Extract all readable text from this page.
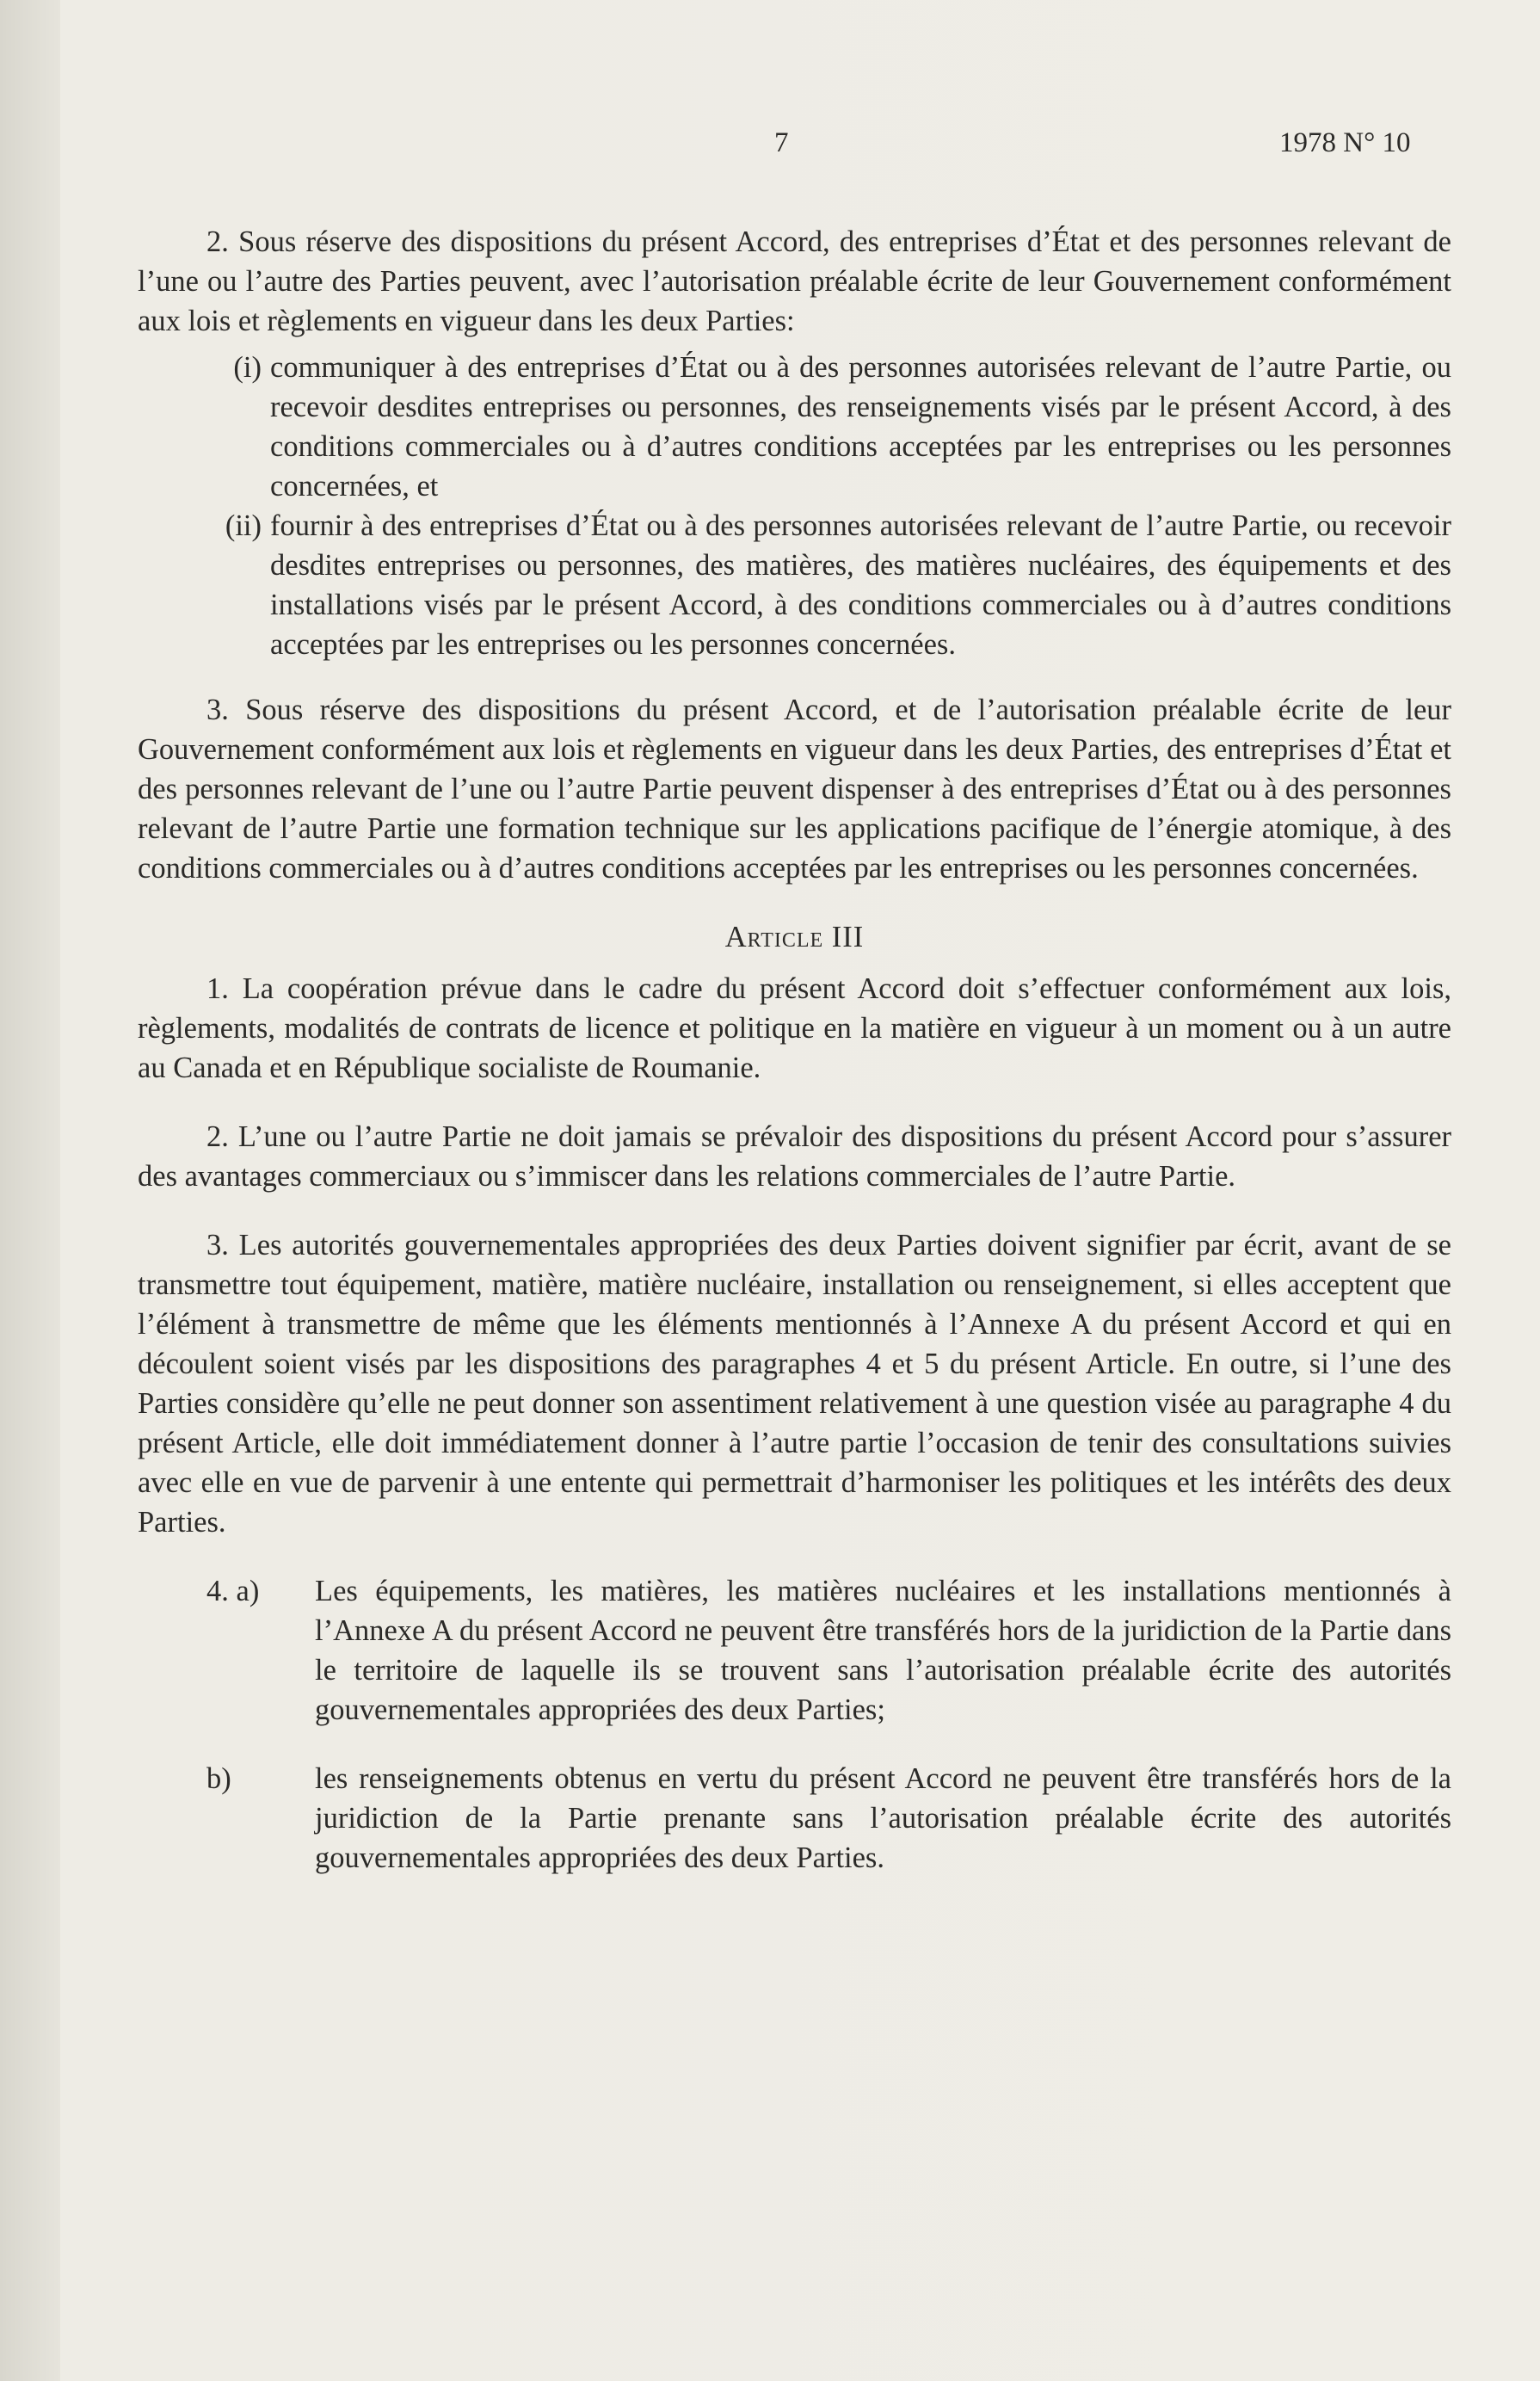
7	1978 N° 10

2. Sous réserve des dispositions du présent Accord, des entreprises d’État et des personnes relevant de l’une ou l’autre des Parties peuvent, avec l’autorisation préalable écrite de leur Gouvernement conformément aux lois et règlements en vigueur dans les deux Parties:

(i) communiquer à des entreprises d’État ou à des personnes autorisées relevant de l’autre Partie, ou recevoir desdites entreprises ou personnes, des renseignements visés par le présent Accord, à des conditions commerciales ou à d’autres conditions acceptées par les entreprises ou les personnes concernées, et
(ii) fournir à des entreprises d’État ou à des personnes autorisées relevant de l’autre Partie, ou recevoir desdites entreprises ou personnes, des matières, des matières nucléaires, des équipements et des installations visés par le présent Accord, à des conditions commerciales ou à d’autres conditions acceptées par les entreprises ou les personnes concernées.

3. Sous réserve des dispositions du présent Accord, et de l’autorisation préalable écrite de leur Gouvernement conformément aux lois et règlements en vigueur dans les deux Parties, des entreprises d’État et des personnes relevant de l’une ou l’autre Partie peuvent dispenser à des entreprises d’État ou à des personnes relevant de l’autre Partie une formation technique sur les applications pacifique de l’énergie atomique, à des conditions commerciales ou à d’autres conditions acceptées par les entreprises ou les personnes concernées.

Article III

1. La coopération prévue dans le cadre du présent Accord doit s’effectuer conformément aux lois, règlements, modalités de contrats de licence et politique en la matière en vigueur à un moment ou à un autre au Canada et en République socialiste de Roumanie.

2. L’une ou l’autre Partie ne doit jamais se prévaloir des dispositions du présent Accord pour s’assurer des avantages commerciaux ou s’immiscer dans les relations commerciales de l’autre Partie.

3. Les autorités gouvernementales appropriées des deux Parties doivent signifier par écrit, avant de se transmettre tout équipement, matière, matière nucléaire, installation ou renseignement, si elles acceptent que l’élément à transmettre de même que les éléments mentionnés à l’Annexe A du présent Accord et qui en découlent soient visés par les dispositions des paragraphes 4 et 5 du présent Article. En outre, si l’une des Parties considère qu’elle ne peut donner son assentiment relativement à une question visée au paragraphe 4 du présent Article, elle doit immédiatement donner à l’autre partie l’occasion de tenir des consultations suivies avec elle en vue de parvenir à une entente qui permettrait d’harmoniser les politiques et les intérêts des deux Parties.

4. a)	Les équipements, les matières, les matières nucléaires et les installations mentionnés à l’Annexe A du présent Accord ne peuvent être transférés hors de la juridiction de la Partie dans le territoire de laquelle ils se trouvent sans l’autorisation préalable écrite des autorités gouvernementales appropriées des deux Parties;
b)	les renseignements obtenus en vertu du présent Accord ne peuvent être transférés hors de la juridiction de la Partie prenante sans l’autorisation préalable écrite des autorités gouvernementales appropriées des deux Parties.
